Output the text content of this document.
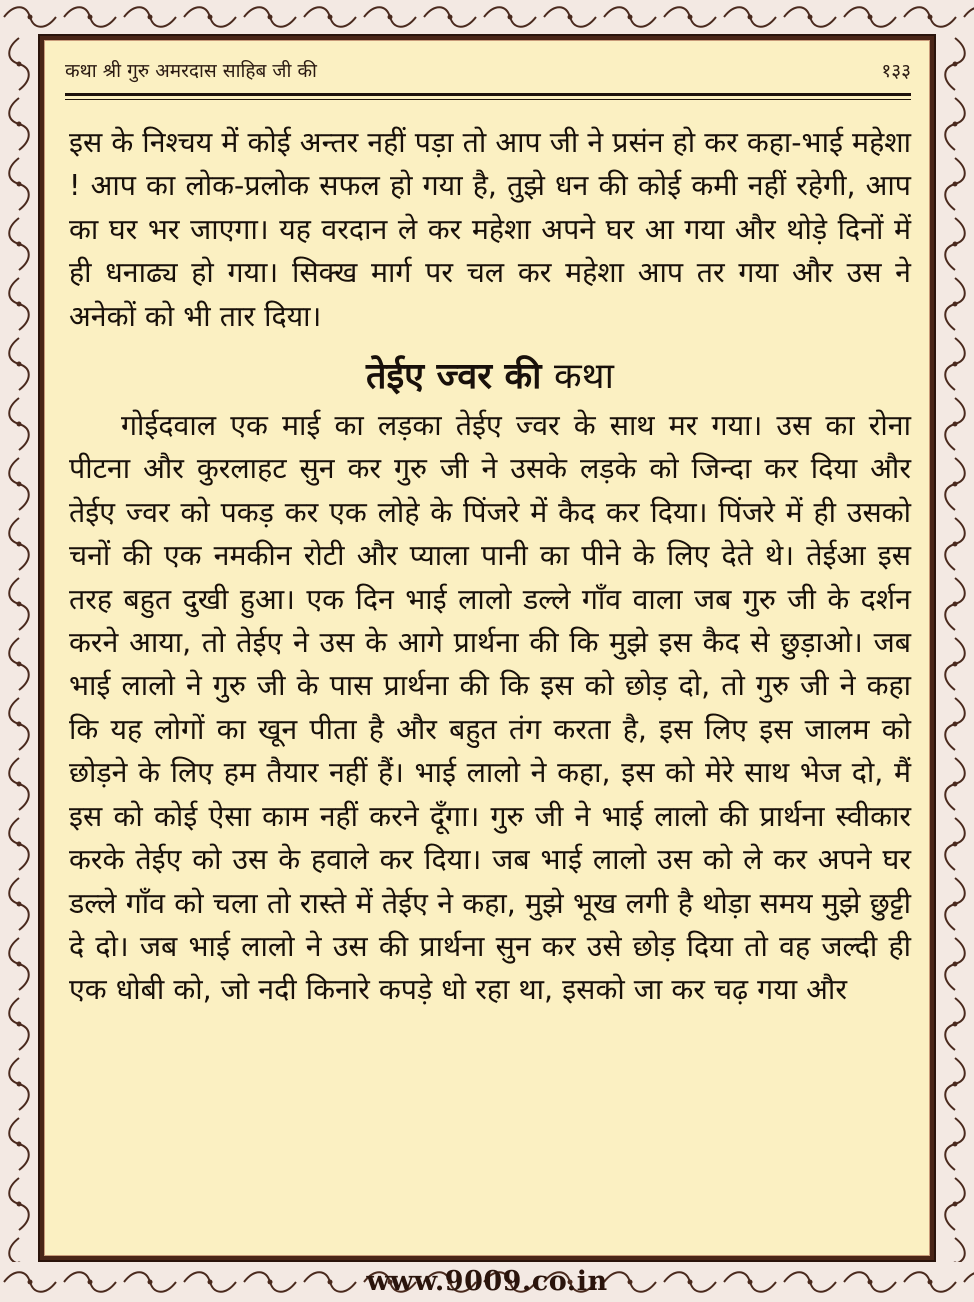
कथा श्री गुरु अमरदास साहिब जी की	१३३

इस के निश्चय में कोई अन्तर नहीं पड़ा तो आप जी ने प्रसंन हो कर कहा-भाई महेशा ! आप का लोक-प्रलोक सफल हो गया है, तुझे धन की कोई कमी नहीं रहेगी, आप का घर भर जाएगा। यह वरदान ले कर महेशा अपने घर आ गया और थोड़े दिनों में ही धनाढ्य हो गया। सिक्ख मार्ग पर चल कर महेशा आप तर गया और उस ने अनेकों को भी तार दिया।

तेईए ज्वर की कथा

गोईदवाल एक माई का लड़का तेईए ज्वर के साथ मर गया। उस का रोना पीटना और कुरलाहट सुन कर गुरु जी ने उसके लड़के को जिन्दा कर दिया और तेईए ज्वर को पकड़ कर एक लोहे के पिंजरे में कैद कर दिया। पिंजरे में ही उसको चनों की एक नमकीन रोटी और प्याला पानी का पीने के लिए देते थे। तेईआ इस तरह बहुत दुखी हुआ। एक दिन भाई लालो डल्ले गाँव वाला जब गुरु जी के दर्शन करने आया, तो तेईए ने उस के आगे प्रार्थना की कि मुझे इस कैद से छुड़ाओ। जब भाई लालो ने गुरु जी के पास प्रार्थना की कि इस को छोड़ दो, तो गुरु जी ने कहा कि यह लोगों का खून पीता है और बहुत तंग करता है, इस लिए इस जालम को छोड़ने के लिए हम तैयार नहीं हैं। भाई लालो ने कहा, इस को मेरे साथ भेज दो, मैं इस को कोई ऐसा काम नहीं करने दूँगा। गुरु जी ने भाई लालो की प्रार्थना स्वीकार करके तेईए को उस के हवाले कर दिया। जब भाई लालो उस को ले कर अपने घर डल्ले गाँव को चला तो रास्ते में तेईए ने कहा, मुझे भूख लगी है थोड़ा समय मुझे छुट्टी दे दो। जब भाई लालो ने उस की प्रार्थना सुन कर उसे छोड़ दिया तो वह जल्दी ही एक धोबी को, जो नदी किनारे कपड़े धो रहा था, इसको जा कर चढ़ गया और

www.9009.co.in
